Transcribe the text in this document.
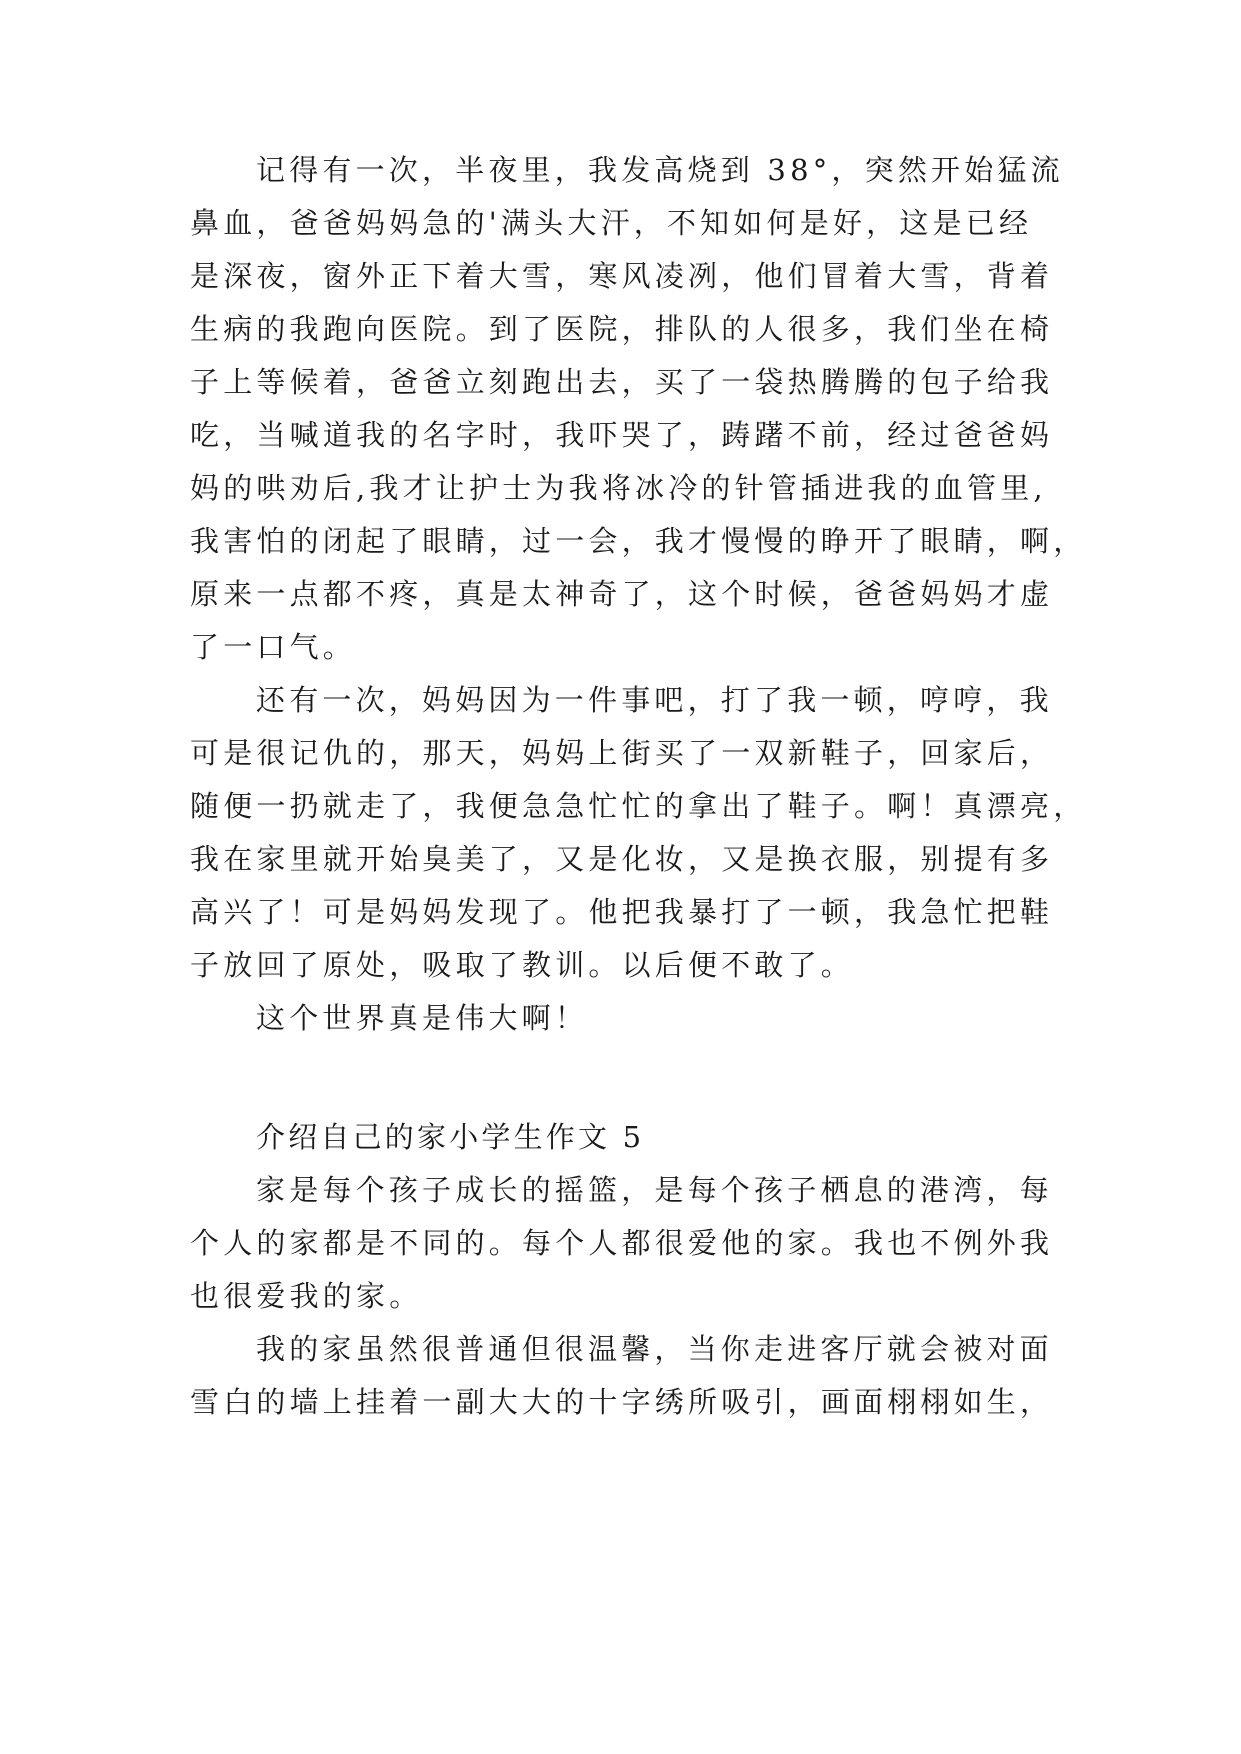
记得有一次，半夜里，我发高烧到 38°，突然开始猛流

鼻血，爸爸妈妈急的'满头大汗，不知如何是好，这是已经

是深夜，窗外正下着大雪，寒风凌冽，他们冒着大雪，背着

生病的我跑向医院。到了医院，排队的人很多，我们坐在椅

子上等候着，爸爸立刻跑出去，买了一袋热腾腾的包子给我

吃，当喊道我的名字时，我吓哭了，踌躇不前，经过爸爸妈

妈的哄劝后,我才让护士为我将冰冷的针管插进我的血管里,

我害怕的闭起了眼睛，过一会，我才慢慢的睁开了眼睛，啊，

原来一点都不疼，真是太神奇了，这个时候，爸爸妈妈才虚

了一口气。

还有一次，妈妈因为一件事吧，打了我一顿，哼哼，我

可是很记仇的，那天，妈妈上街买了一双新鞋子，回家后，

随便一扔就走了，我便急急忙忙的拿出了鞋子。啊！真漂亮，

我在家里就开始臭美了，又是化妆，又是换衣服，别提有多

高兴了！可是妈妈发现了。他把我暴打了一顿，我急忙把鞋

子放回了原处，吸取了教训。以后便不敢了。

这个世界真是伟大啊！

介绍自己的家小学生作文 5

家是每个孩子成长的摇篮，是每个孩子栖息的港湾，每

个人的家都是不同的。每个人都很爱他的家。我也不例外我

也很爱我的家。

我的家虽然很普通但很温馨，当你走进客厅就会被对面

雪白的墙上挂着一副大大的十字绣所吸引，画面栩栩如生，
